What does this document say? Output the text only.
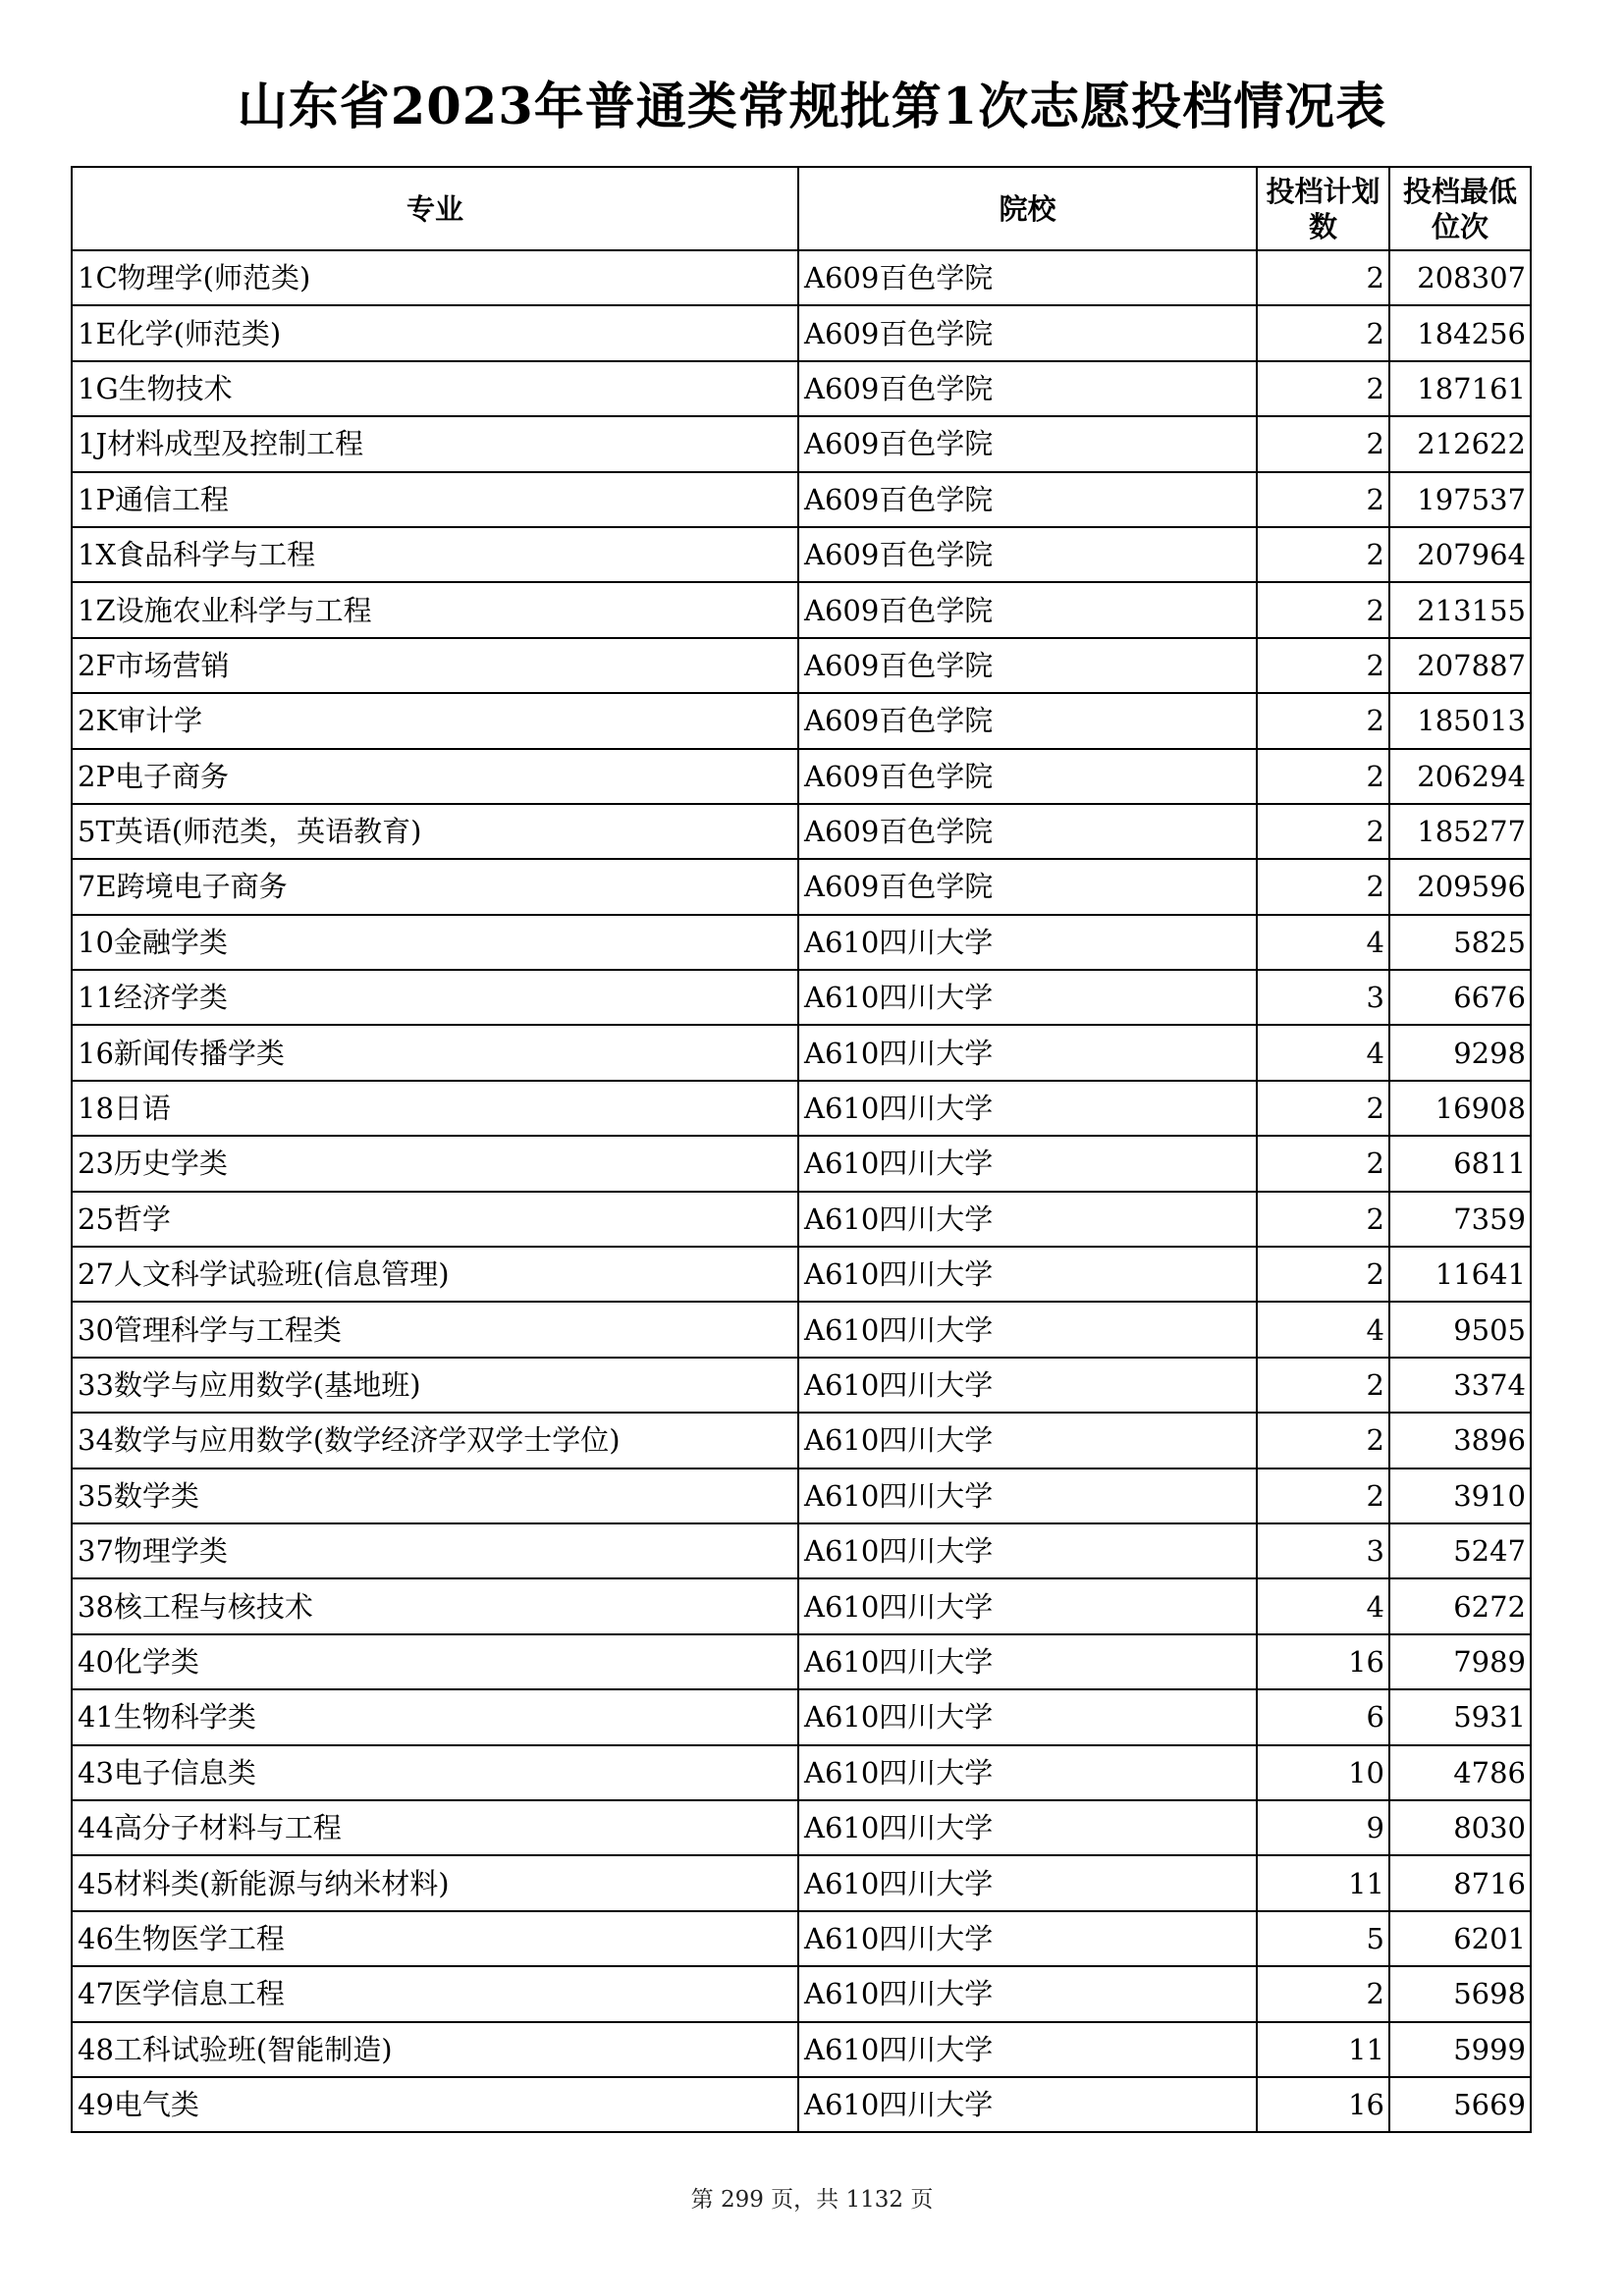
山东省2023年普通类常规批第1次志愿投档情况表
专业	院校	投档计划数	投档最低位次
1C物理学(师范类)	A609百色学院	2	208307
1E化学(师范类)	A609百色学院	2	184256
1G生物技术	A609百色学院	2	187161
1J材料成型及控制工程	A609百色学院	2	212622
1P通信工程	A609百色学院	2	197537
1X食品科学与工程	A609百色学院	2	207964
1Z设施农业科学与工程	A609百色学院	2	213155
2F市场营销	A609百色学院	2	207887
2K审计学	A609百色学院	2	185013
2P电子商务	A609百色学院	2	206294
5T英语(师范类，英语教育)	A609百色学院	2	185277
7E跨境电子商务	A609百色学院	2	209596
10金融学类	A610四川大学	4	5825
11经济学类	A610四川大学	3	6676
16新闻传播学类	A610四川大学	4	9298
18日语	A610四川大学	2	16908
23历史学类	A610四川大学	2	6811
25哲学	A610四川大学	2	7359
27人文科学试验班(信息管理)	A610四川大学	2	11641
30管理科学与工程类	A610四川大学	4	9505
33数学与应用数学(基地班)	A610四川大学	2	3374
34数学与应用数学(数学经济学双学士学位)	A610四川大学	2	3896
35数学类	A610四川大学	2	3910
37物理学类	A610四川大学	3	5247
38核工程与核技术	A610四川大学	4	6272
40化学类	A610四川大学	16	7989
41生物科学类	A610四川大学	6	5931
43电子信息类	A610四川大学	10	4786
44高分子材料与工程	A610四川大学	9	8030
45材料类(新能源与纳米材料)	A610四川大学	11	8716
46生物医学工程	A610四川大学	5	6201
47医学信息工程	A610四川大学	2	5698
48工科试验班(智能制造)	A610四川大学	11	5999
49电气类	A610四川大学	16	5669
第 299 页，共 1132 页
